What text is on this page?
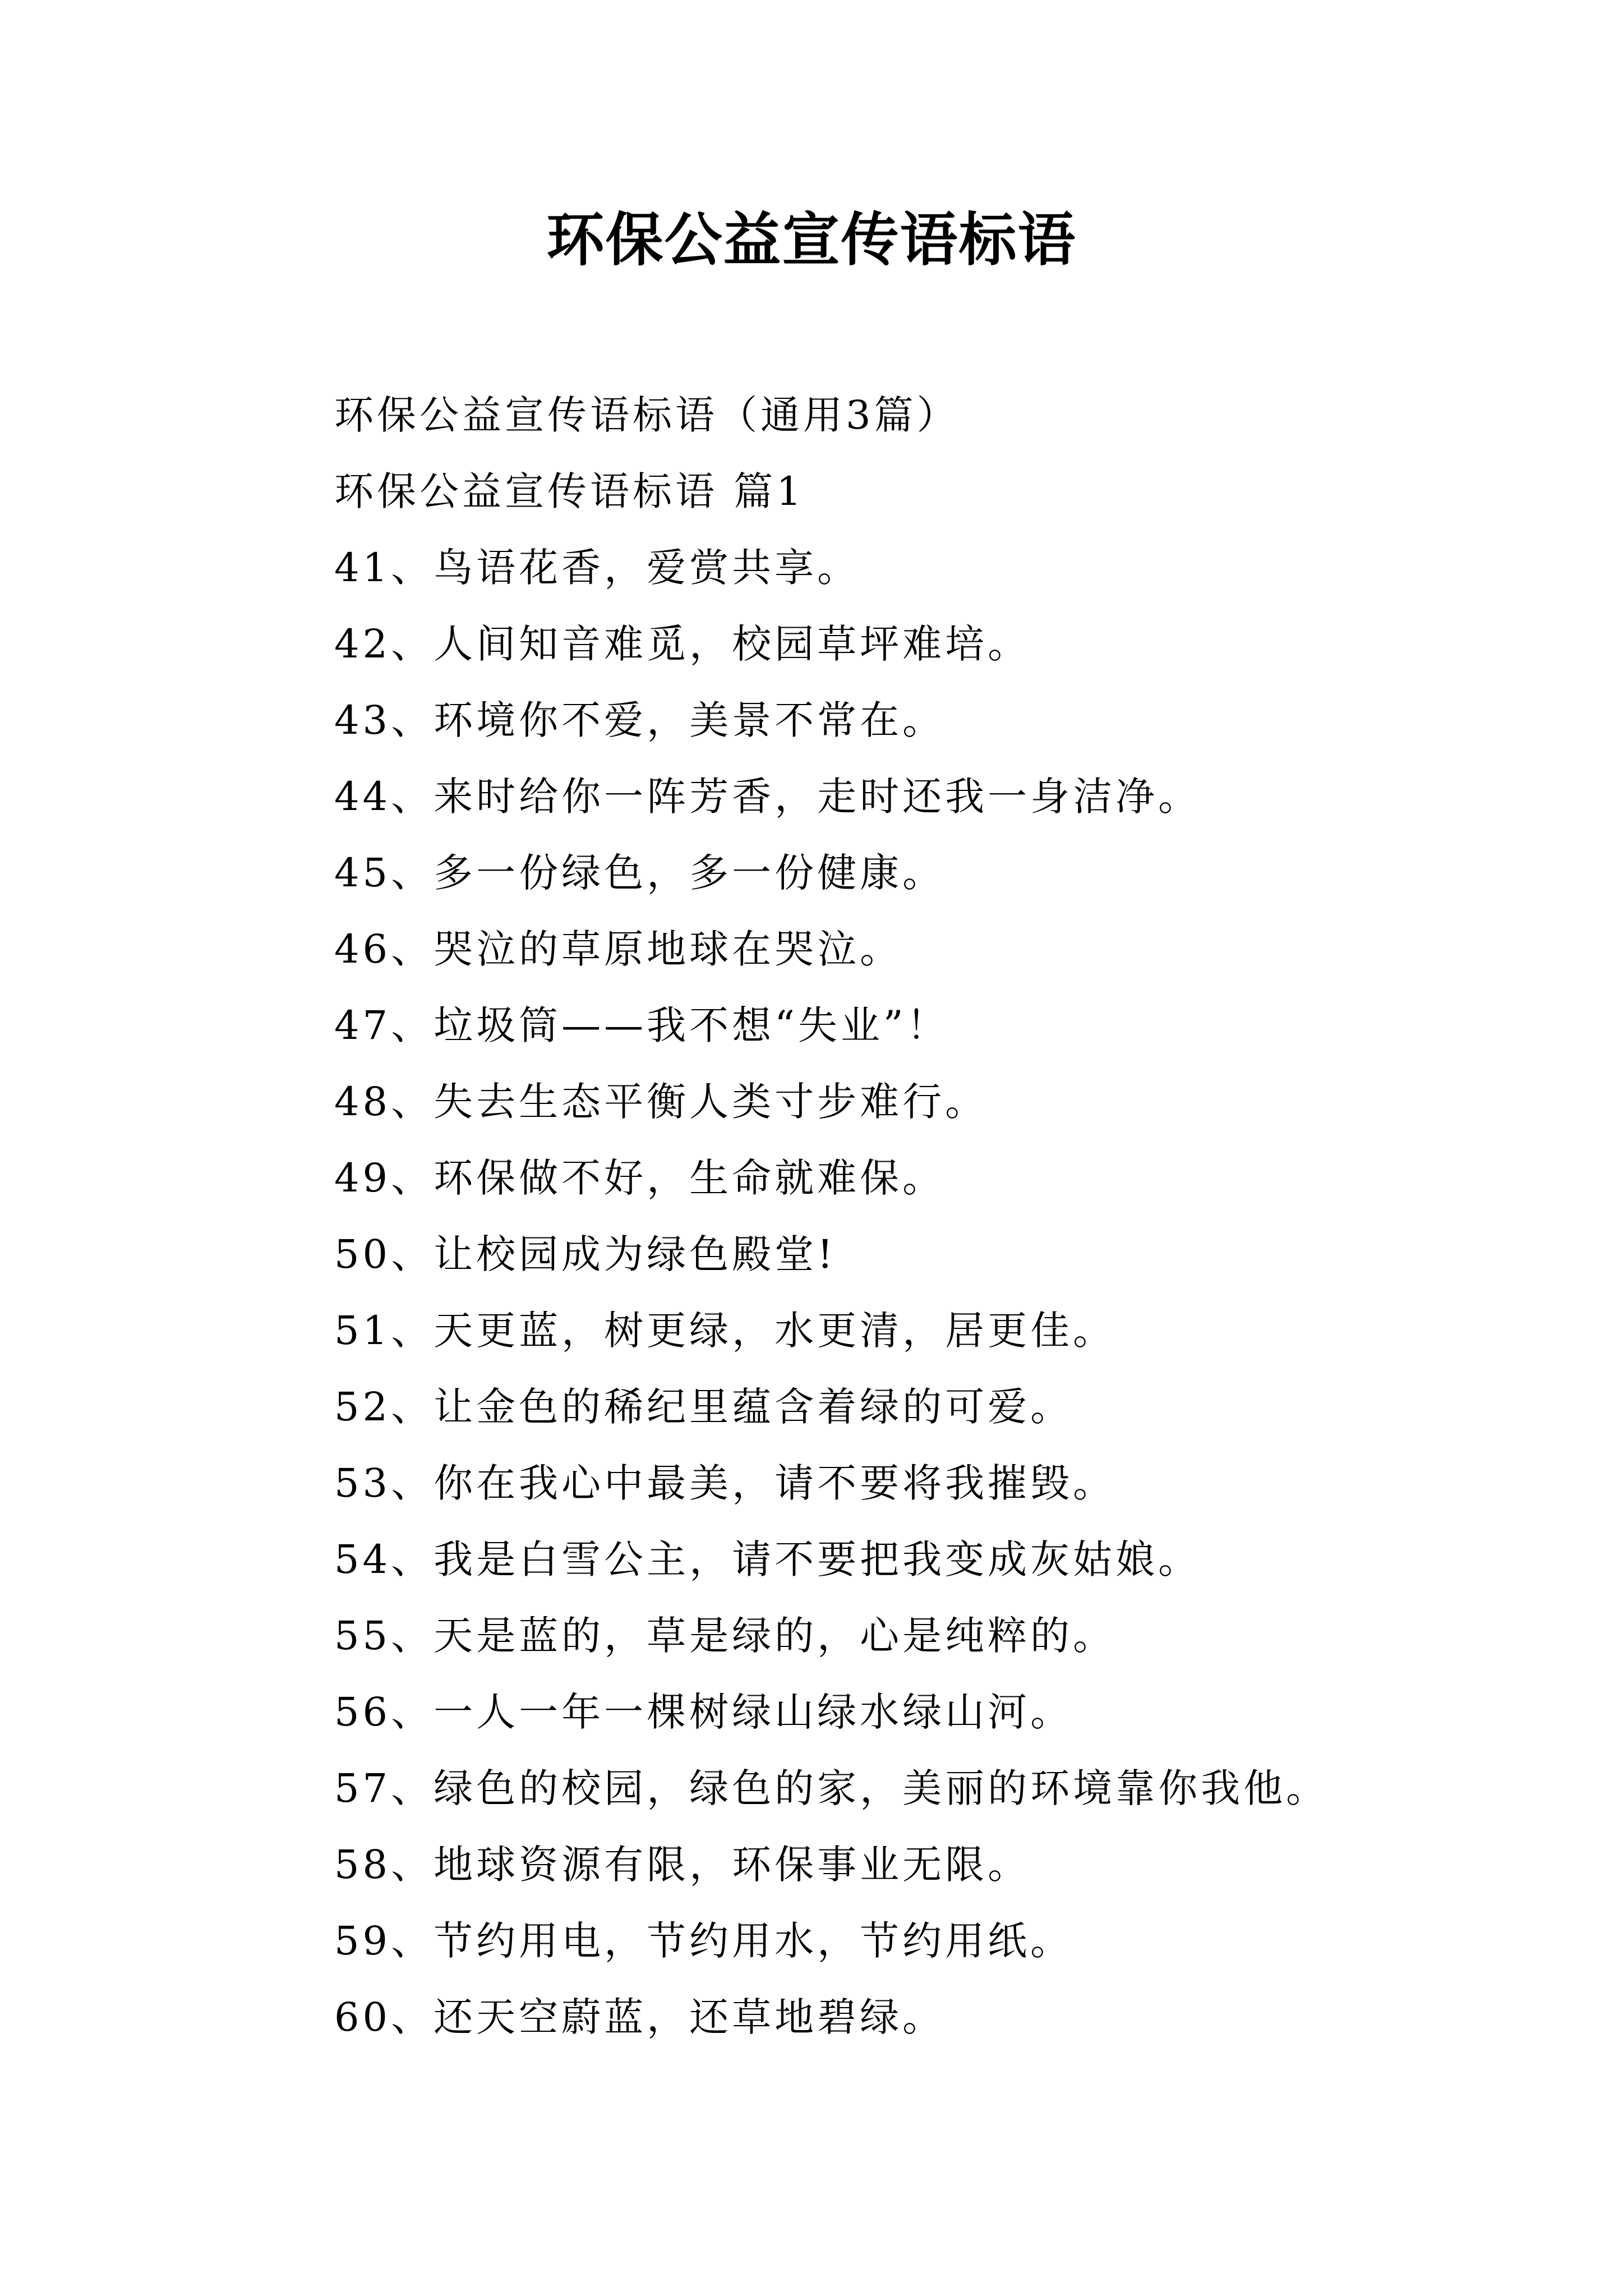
环保公益宣传语标语
环保公益宣传语标语（通用3篇）
环保公益宣传语标语 篇1
41、鸟语花香，爱赏共享。
42、人间知音难觅，校园草坪难培。
43、环境你不爱，美景不常在。
44、来时给你一阵芳香，走时还我一身洁净。
45、多一份绿色，多一份健康。
46、哭泣的草原地球在哭泣。
47、垃圾筒——我不想“失业”！
48、失去生态平衡人类寸步难行。
49、环保做不好，生命就难保。
50、让校园成为绿色殿堂!
51、天更蓝，树更绿，水更清，居更佳。
52、让金色的稀纪里蕴含着绿的可爱。
53、你在我心中最美，请不要将我摧毁。
54、我是白雪公主，请不要把我变成灰姑娘。
55、天是蓝的，草是绿的，心是纯粹的。
56、一人一年一棵树绿山绿水绿山河。
57、绿色的校园，绿色的家，美丽的环境靠你我他。
58、地球资源有限，环保事业无限。
59、节约用电，节约用水，节约用纸。
60、还天空蔚蓝，还草地碧绿。
